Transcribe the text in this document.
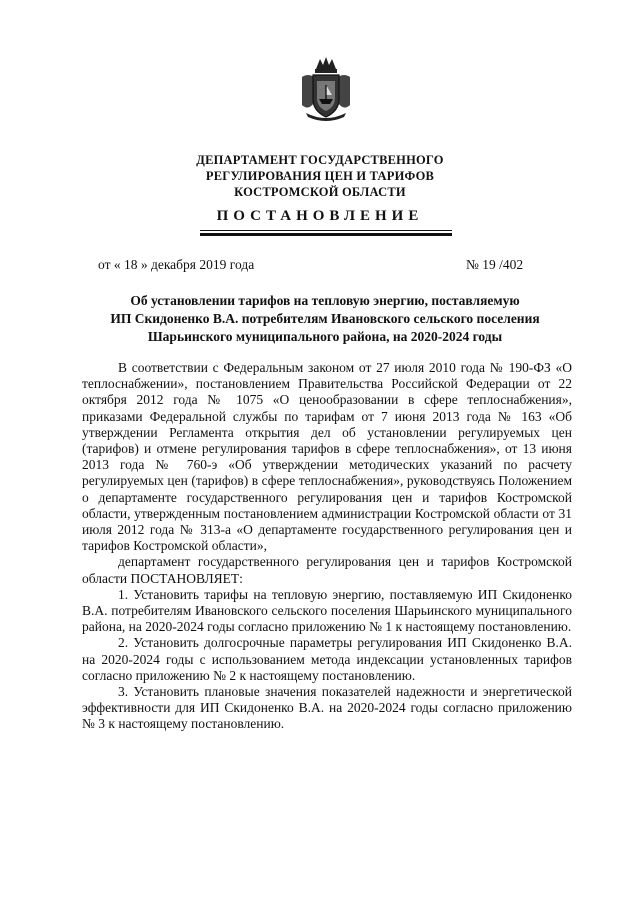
ДЕПАРТАМЕНТ ГОСУДАРСТВЕННОГО
РЕГУЛИРОВАНИЯ ЦЕН И ТАРИФОВ
КОСТРОМСКОЙ ОБЛАСТИ
ПОСТАНОВЛЕНИЕ
от « 18 » декабря 2019 года	№ 19 /402
Об установлении тарифов на тепловую энергию, поставляемую
ИП Скидоненко В.А. потребителям Ивановского сельского поселения
Шарьинского муниципального района, на 2020-2024 годы

В соответствии с Федеральным законом от 27 июля 2010 года № 190-ФЗ «О теплоснабжении», постановлением Правительства Российской Федерации от 22 октября 2012 года № 1075 «О ценообразовании в сфере теплоснабжения», приказами Федеральной службы по тарифам от 7 июня 2013 года № 163 «Об утверждении Регламента открытия дел об установлении регулируемых цен (тарифов) и отмене регулирования тарифов в сфере теплоснабжения», от 13 июня 2013 года № 760-э «Об утверждении методических указаний по расчету регулируемых цен (тарифов) в сфере теплоснабжения», руководствуясь Положением о департаменте государственного регулирования цен и тарифов Костромской области, утвержденным постановлением администрации Костромской области от 31 июля 2012 года № 313-а «О департаменте государственного регулирования цен и тарифов Костромской области»,

департамент государственного регулирования цен и тарифов Костромской области ПОСТАНОВЛЯЕТ:

1. Установить тарифы на тепловую энергию, поставляемую ИП Скидоненко В.А. потребителям Ивановского сельского поселения Шарьинского муниципального района, на 2020-2024 годы согласно приложению № 1 к настоящему постановлению.

2. Установить долгосрочные параметры регулирования ИП Скидоненко В.А. на 2020-2024 годы с использованием метода индексации установленных тарифов согласно приложению № 2 к настоящему постановлению.

3. Установить плановые значения показателей надежности и энергетической эффективности для ИП Скидоненко В.А. на 2020-2024 годы согласно приложению № 3 к настоящему постановлению.
